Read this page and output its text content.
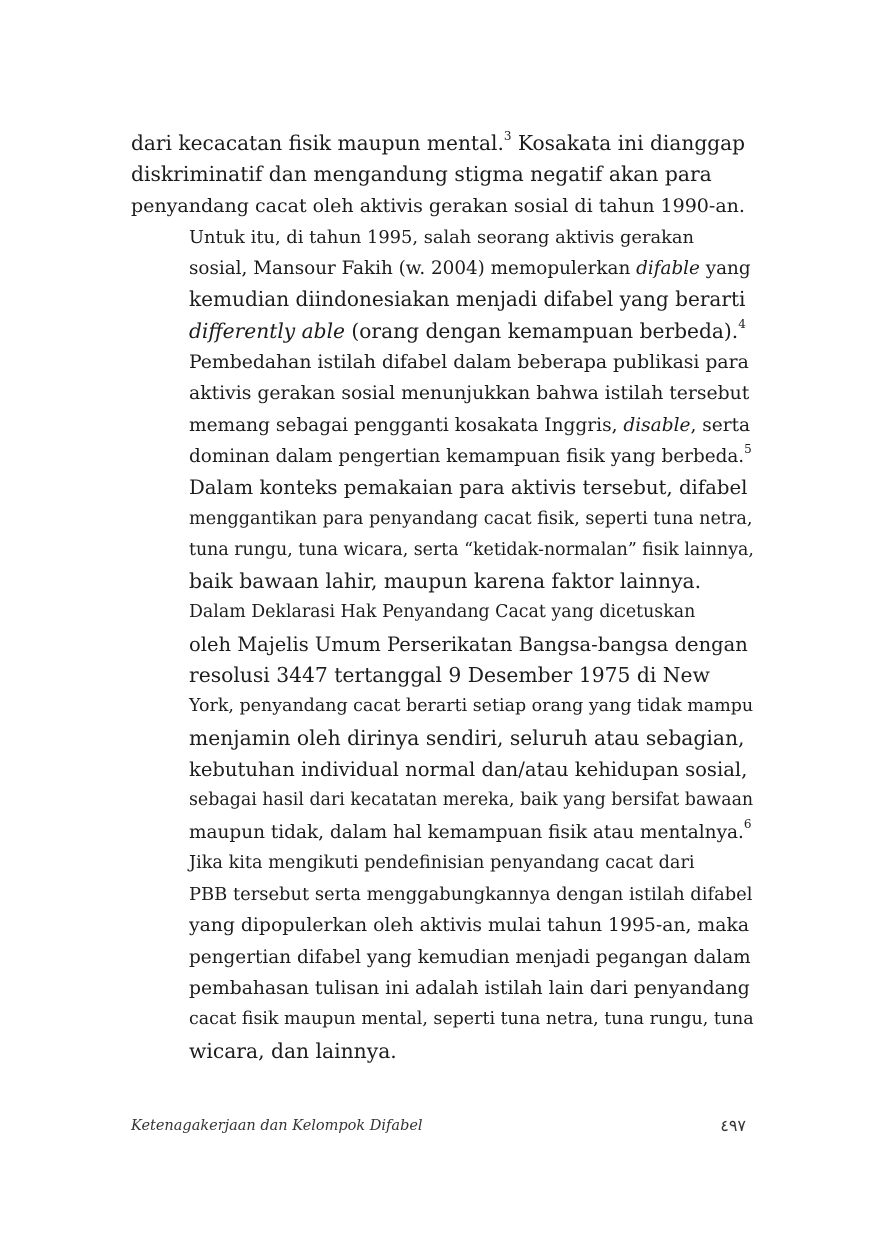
dari kecacatan fisik maupun mental.$^3$ Kosakata ini dianggap
diskriminatif dan mengandung stigma negatif akan para
penyandang cacat oleh aktivis gerakan sosial di tahun 1990-an.

Untuk itu, di tahun 1995, salah seorang aktivis gerakan
sosial, Mansour Fakih (w. 2004) memopulerkan difable yang
kemudian diindonesiakan menjadi difabel yang berarti
differently able (orang dengan kemampuan berbeda).$^4$
Pembedahan istilah difabel dalam beberapa publikasi para
aktivis gerakan sosial menunjukkan bahwa istilah tersebut
memang sebagai pengganti kosakata Inggris, disable, serta
dominan dalam pengertian kemampuan fisik yang berbeda.$^5$
Dalam konteks pemakaian para aktivis tersebut, difabel
menggantikan para penyandang cacat fisik, seperti tuna netra,
tuna rungu, tuna wicara, serta “ketidak-normalan” fisik lainnya,
baik bawaan lahir, maupun karena faktor lainnya.

Dalam Deklarasi Hak Penyandang Cacat yang dicetuskan
oleh Majelis Umum Perserikatan Bangsa-bangsa dengan
resolusi 3447 tertanggal 9 Desember 1975 di New
York, penyandang cacat berarti setiap orang yang tidak mampu
menjamin oleh dirinya sendiri, seluruh atau sebagian,
kebutuhan individual normal dan/atau kehidupan sosial,
sebagai hasil dari kecatatan mereka, baik yang bersifat bawaan
maupun tidak, dalam hal kemampuan fisik atau mentalnya.$^6$

Jika kita mengikuti pendefinisian penyandang cacat dari
PBB tersebut serta menggabungkannya dengan istilah difabel
yang dipopulerkan oleh aktivis mulai tahun 1995-an, maka
pengertian difabel yang kemudian menjadi pegangan dalam
pembahasan tulisan ini adalah istilah lain dari penyandang
cacat fisik maupun mental, seperti tuna netra, tuna rungu, tuna
wicara, dan lainnya.

Ketenagakerjaan dan Kelompok Difabel	٤٩٧
